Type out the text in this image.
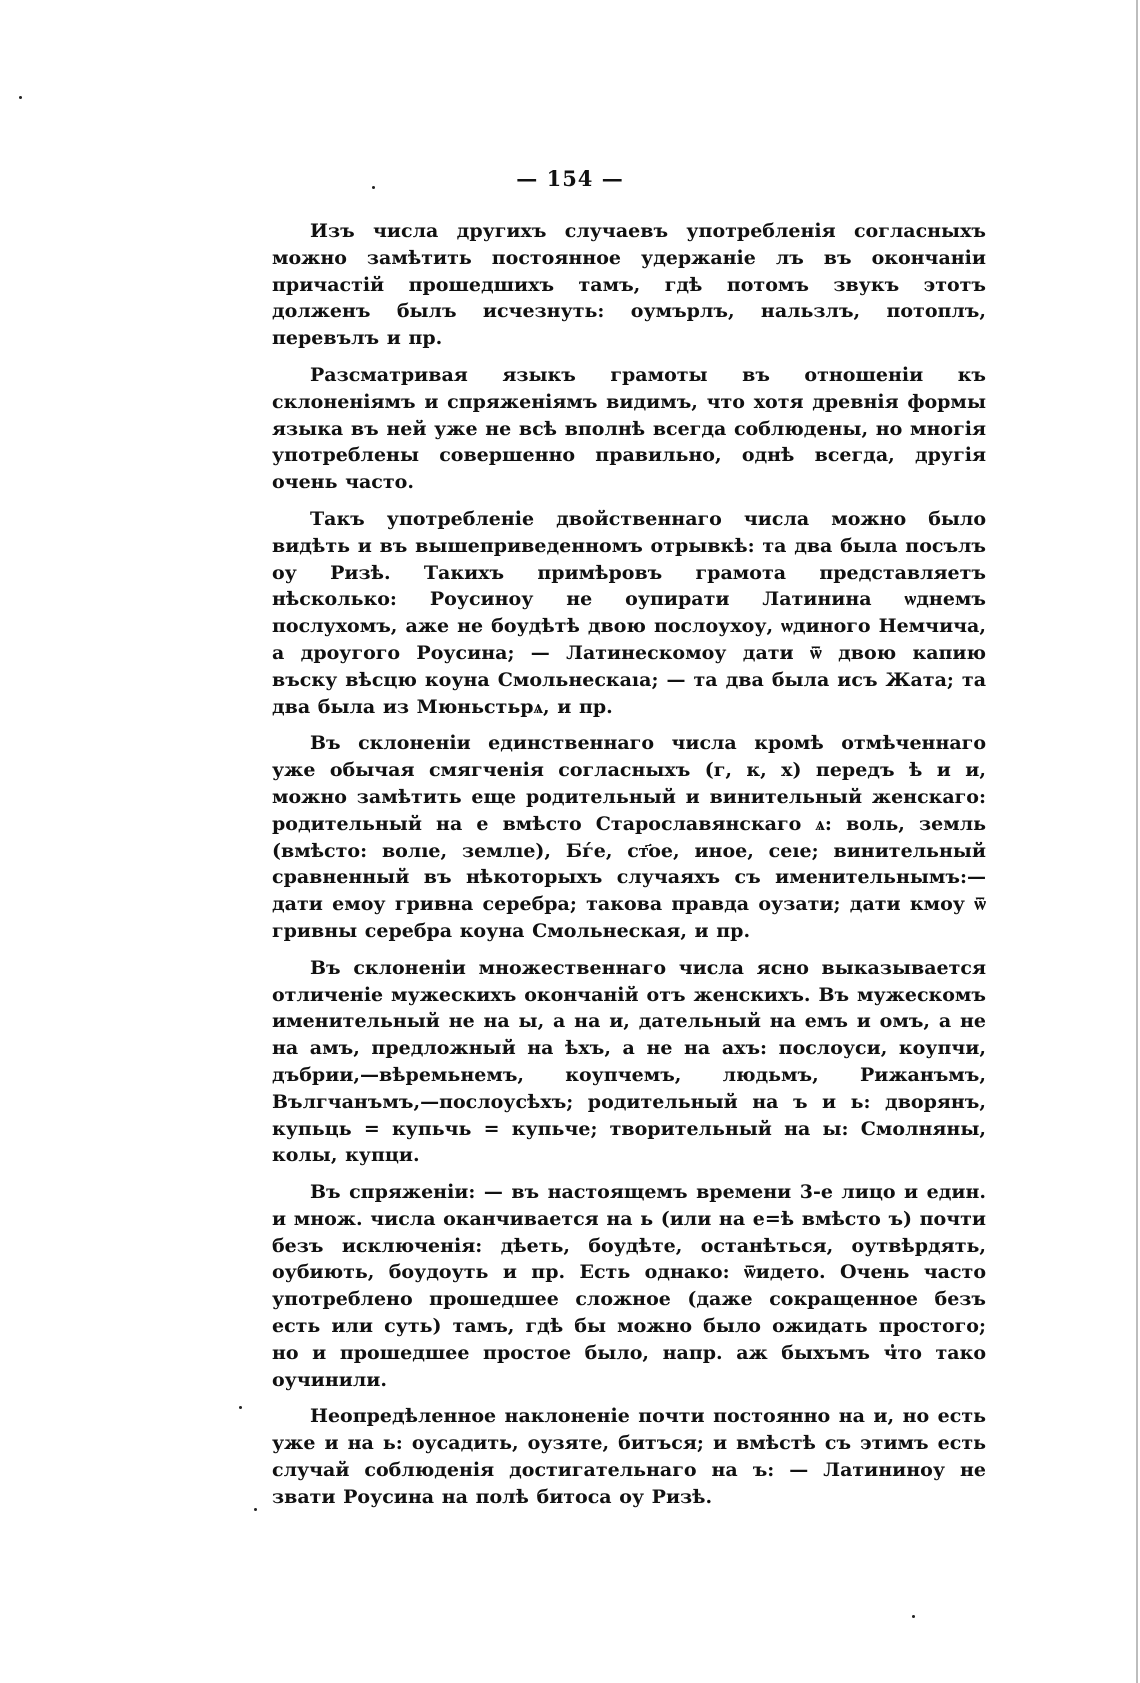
— 154 —

Изъ числа другихъ случаевъ употребленія согласныхъ можно замѣтить постоянное удержаніе лъ въ окончаніи причастій прошедшихъ тамъ, гдѣ потомъ звукъ этотъ долженъ былъ исчезнуть: оумърлъ, нальзлъ, потоплъ, перевълъ и пр.

Разсматривая языкъ грамоты въ отношеніи къ склоненіямъ и спряженіямъ видимъ, что хотя древнія формы языка въ ней уже не всѣ вполнѣ всегда соблюдены, но многія употреблены совершенно правильно, однѣ всегда, другія очень часто.

Такъ употребленіе двойственнаго числа можно было видѣть и въ вышеприведенномъ отрывкѣ: та два была посълъ оу Ризѣ. Такихъ примѣровъ грамота представляетъ нѣсколько: Роусиноу не оупирати Латинина ѡднемъ послухомъ, аже не боудѣтѣ двою послоухоу, ѡдиного Немчича, а дроугого Роусина; — Латинескомоу дати ѿ двою капию въску вѣсцю коуна Смольнескаıа; — та два была исъ Жата; та два была из Мюньстьрѧ, и пр.

Въ склоненіи единственнаго числа кромѣ отмѣченнаго уже обычая смягченія согласныхъ (г, к, х) передъ ѣ и и, можно замѣтить еще родительный и винительный женскаго: родительный на е вмѣсто Старославянскаго ѧ: воль, земль (вмѣсто: волıе, землıе), Бѓе, ст҃ое, иное, сеıе; винительный сравненный въ нѣкоторыхъ случаяхъ съ именительнымъ:—дати емоу гривна серебра; такова правда оузати; дати кмоу ѿ гривны серебра коуна Смольнеская, и пр.

Въ склоненіи множественнаго числа ясно выказывается отличеніе мужескихъ окончаній отъ женскихъ. Въ мужескомъ именительный не на ы, а на и, дательный на емъ и омъ, а не на амъ, предложный на ѣхъ, а не на ахъ: послоуси, коупчи, дъбрии,—вѣремьнемъ, коупчемъ, людьмъ, Рижанъмъ, Вългчанъмъ,—послоусѣхъ; родительный на ъ и ь: дворянъ, купьць = купьчь = купьче; творительный на ы: Смолняны, колы, купци.

Въ спряженіи: — въ настоящемъ времени 3-е лицо и един. и множ. числа оканчивается на ь (или на е=ѣ вмѣсто ъ) почти безъ исключенія: дѣеть, боудѣте, останѣться, оутвѣрдять, оубиють, боудоуть и пр. Есть однако: ѿидето. Очень часто употреблено прошедшее сложное (даже сокращенное безъ есть или суть) тамъ, гдѣ бы можно было ожидать простого; но и прошедшее простое было, напр. аж быхъмъ что тако оучинили.

Неопредѣленное наклоненіе почти постоянно на и, но есть уже и на ь: оусадить, оузяте, битъся; и вмѣстѣ съ этимъ есть случай соблюденія достигательнаго на ъ: — Латининоу не звати Роусина на полѣ битоса оу Ризѣ.
